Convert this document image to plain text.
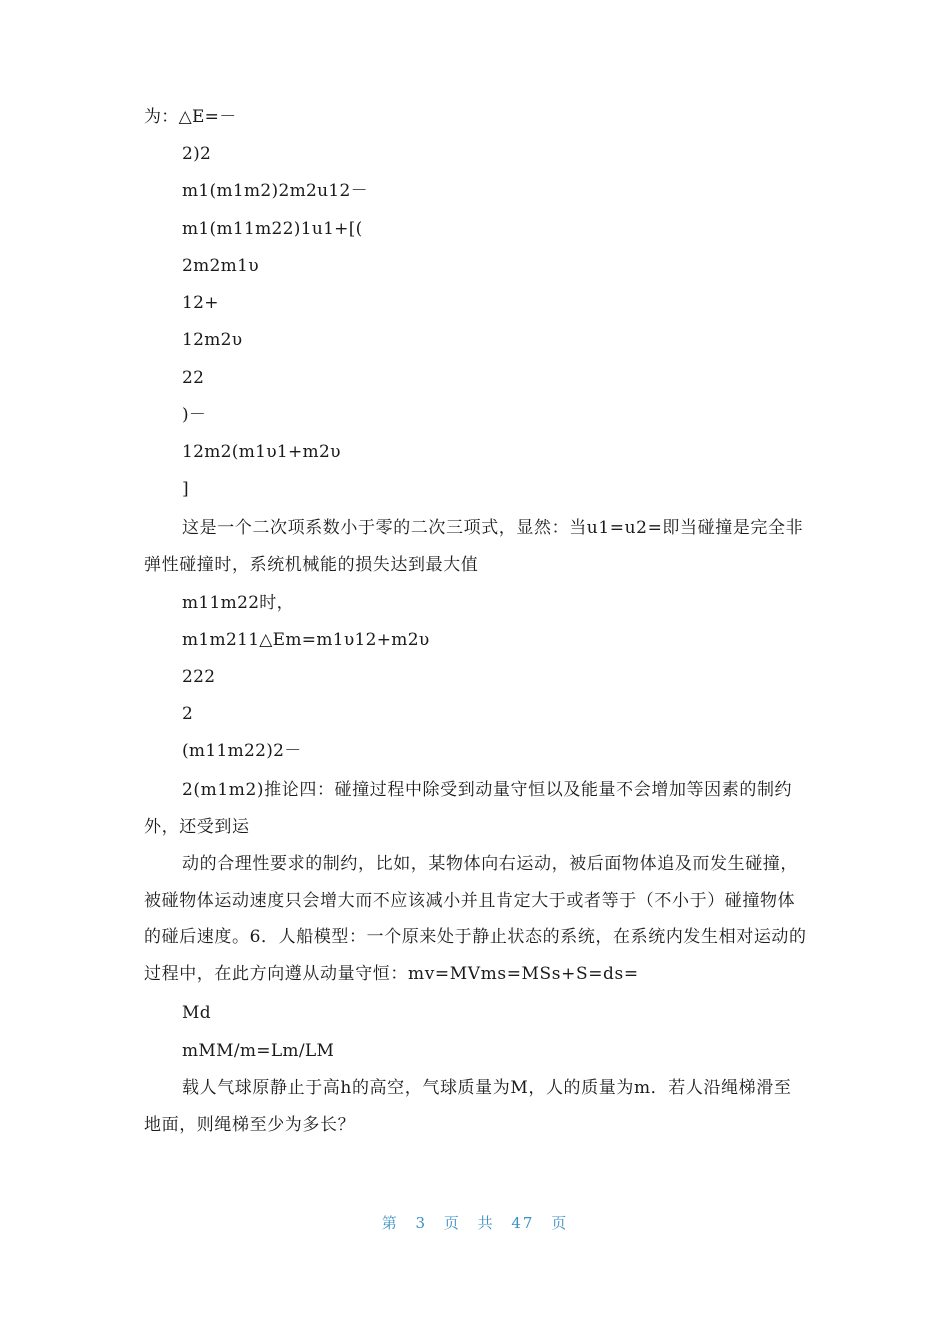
为：△E=－
2)2
m1(m1m2)2m2u12－
m1(m11m22)1u1+[(
2m2m1υ
12+
12m2υ
22
)－
12m2(m1υ1+m2υ
]
这是一个二次项系数小于零的二次三项式，显然：当u1=u2=即当碰撞是完全非弹性碰撞时，系统机械能的损失达到最大值
m11m22时，
m1m211△Em=m1υ12+m2υ
222
2
(m11m22)2－
2(m1m2)推论四：碰撞过程中除受到动量守恒以及能量不会增加等因素的制约外，还受到运
动的合理性要求的制约，比如，某物体向右运动，被后面物体追及而发生碰撞，被碰物体运动速度只会增大而不应该减小并且肯定大于或者等于（不小于）碰撞物体的碰后速度。6．人船模型：一个原来处于静止状态的系统，在系统内发生相对运动的过程中，在此方向遵从动量守恒：mv=MVms=MSs+S=ds=
Md
mMM/m=Lm/LM
载人气球原静止于高h的高空，气球质量为M，人的质量为m．若人沿绳梯滑至地面，则绳梯至少为多长？
第 3 页 共 47 页
